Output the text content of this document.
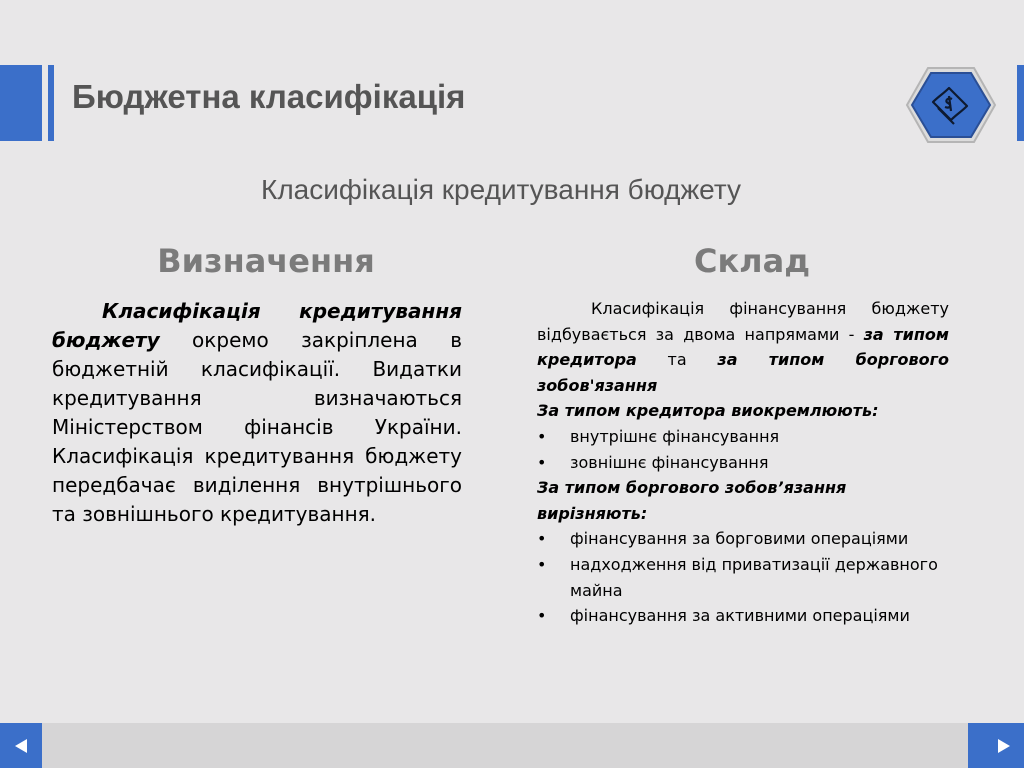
Бюджетна класифікація
Класифікація кредитування бюджету
Визначення	Склад
Класифікація кредитування бюджету окремо закріплена в бюджетній класифікації. Видатки кредитування визначаються Міністерством фінансів України. Класифікація кредитування бюджету передбачає виділення внутрішнього та зовнішнього кредитування.
Класифікація фінансування бюджету відбувається за двома напрямами - за типом кредитора та за типом боргового зобов'язання
За типом кредитора виокремлюють:
• внутрішнє фінансування
• зовнішнє фінансування
За типом боргового зобов’язання вирізняють:
• фінансування за борговими операціями
• надходження від приватизації державного майна
• фінансування за активними операціями
